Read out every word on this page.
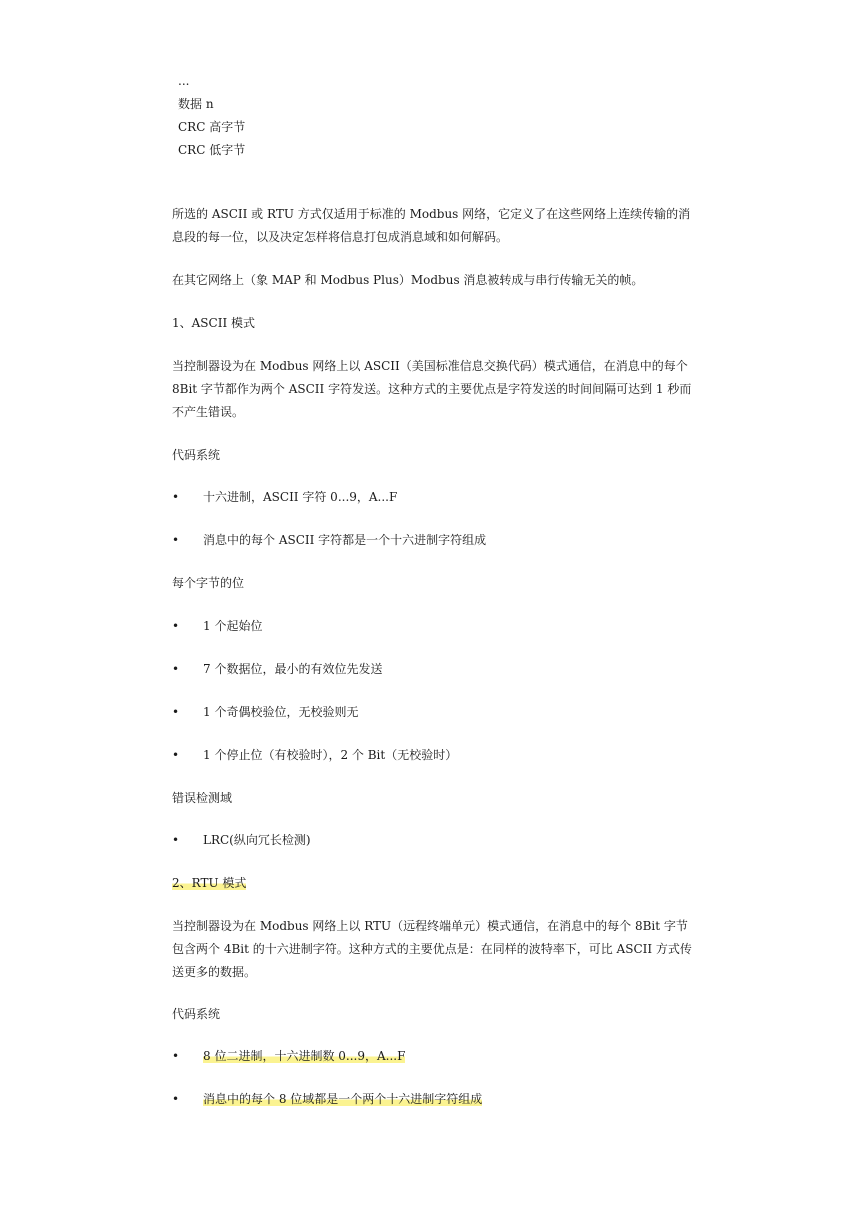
...

数据 n

CRC 高字节

CRC 低字节

所选的 ASCII 或 RTU 方式仅适用于标准的 Modbus 网络，它定义了在这些网络上连续传输的消息段的每一位，以及决定怎样将信息打包成消息域和如何解码。

在其它网络上（象 MAP 和 Modbus Plus）Modbus 消息被转成与串行传输无关的帧。

1、ASCII 模式

当控制器设为在 Modbus 网络上以 ASCII（美国标准信息交换代码）模式通信，在消息中的每个 8Bit 字节都作为两个 ASCII 字符发送。这种方式的主要优点是字符发送的时间间隔可达到 1 秒而不产生错误。

代码系统

• 十六进制，ASCII 字符 0...9，A...F
• 消息中的每个 ASCII 字符都是一个十六进制字符组成

每个字节的位

• 1 个起始位
• 7 个数据位，最小的有效位先发送
• 1 个奇偶校验位，无校验则无
• 1 个停止位（有校验时），2 个 Bit（无校验时）

错误检测域

• LRC(纵向冗长检测)

2、RTU 模式

当控制器设为在 Modbus 网络上以 RTU（远程终端单元）模式通信，在消息中的每个 8Bit 字节包含两个 4Bit 的十六进制字符。这种方式的主要优点是：在同样的波特率下，可比 ASCII 方式传送更多的数据。

代码系统

• 8 位二进制，十六进制数 0...9，A...F
• 消息中的每个 8 位域都是一个两个十六进制字符组成
